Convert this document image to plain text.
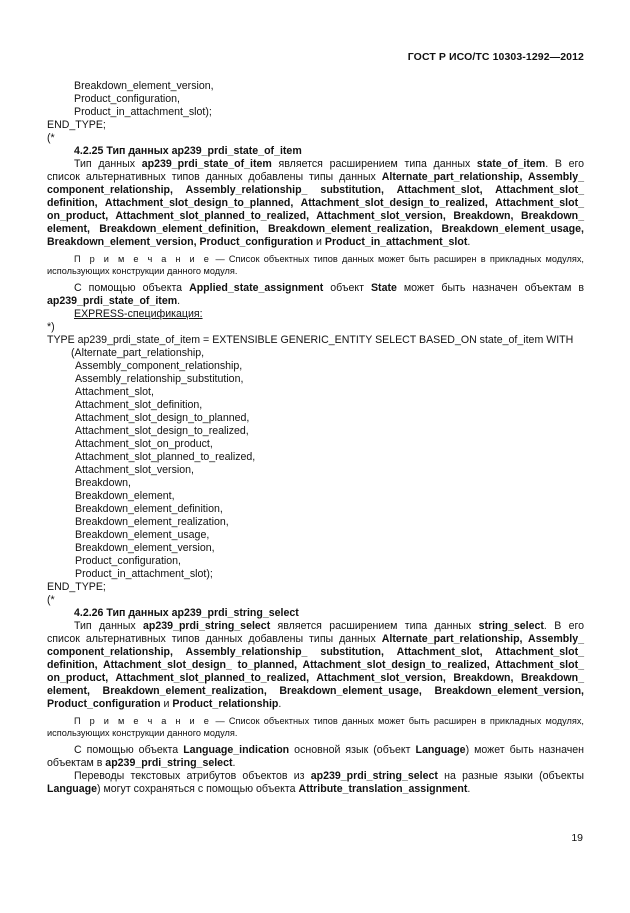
ГОСТ Р ИСО/ТС 10303-1292—2012
Breakdown_element_version,
Product_configuration,
Product_in_attachment_slot);
END_TYPE;
(*
4.2.25 Тип данных ap239_prdi_state_of_item
Тип данных ap239_prdi_state_of_item является расширением типа данных state_of_item. В его
список альтернативных типов данных добавлены типы данных Alternate_part_relationship, Assembly_
component_relationship, Assembly_relationship_ substitution, Attachment_slot, Attachment_slot_
definition, Attachment_slot_design_to_planned, Attachment_slot_design_to_realized, Attachment_slot_
on_product, Attachment_slot_planned_to_realized, Attachment_slot_version, Breakdown, Breakdown_
element, Breakdown_element_definition, Breakdown_element_realization, Breakdown_element_usage,
Breakdown_element_version, Product_configuration и Product_in_attachment_slot.
П р и м е ч а н и е — Список объектных типов данных может быть расширен в прикладных модулях, использующих конструкции данного модуля.
С помощью объекта Applied_state_assignment объект State может быть назначен объектам в
ap239_prdi_state_of_item.
EXPRESS-спецификация:
*)
TYPE ap239_prdi_state_of_item = EXTENSIBLE GENERIC_ENTITY SELECT BASED_ON state_of_item WITH
(Alternate_part_relationship,
Assembly_component_relationship,
Assembly_relationship_substitution,
Attachment_slot,
Attachment_slot_definition,
Attachment_slot_design_to_planned,
Attachment_slot_design_to_realized,
Attachment_slot_on_product,
Attachment_slot_planned_to_realized,
Attachment_slot_version,
Breakdown,
Breakdown_element,
Breakdown_element_definition,
Breakdown_element_realization,
Breakdown_element_usage,
Breakdown_element_version,
Product_configuration,
Product_in_attachment_slot);
END_TYPE;
(*
4.2.26 Тип данных ap239_prdi_string_select
Тип данных ap239_prdi_string_select является расширением типа данных string_select. В его
список альтернативных типов данных добавлены типы данных Alternate_part_relationship, Assembly_
component_relationship, Assembly_relationship_ substitution, Attachment_slot, Attachment_slot_
definition, Attachment_slot_design_ to_planned, Attachment_slot_design_to_realized, Attachment_slot_
on_product, Attachment_slot_planned_to_realized, Attachment_slot_version, Breakdown, Breakdown_
element, Breakdown_element_realization, Breakdown_element_usage, Breakdown_element_version,
Product_configuration и Product_relationship.
П р и м е ч а н и е — Список объектных типов данных может быть расширен в прикладных модулях, использующих конструкции данного модуля.
С помощью объекта Language_indication основной язык (объект Language) может быть назначен
объектам в ap239_prdi_string_select.
Переводы текстовых атрибутов объектов из ap239_prdi_string_select на разные языки (объекты
Language) могут сохраняться с помощью объекта Attribute_translation_assignment.
19
